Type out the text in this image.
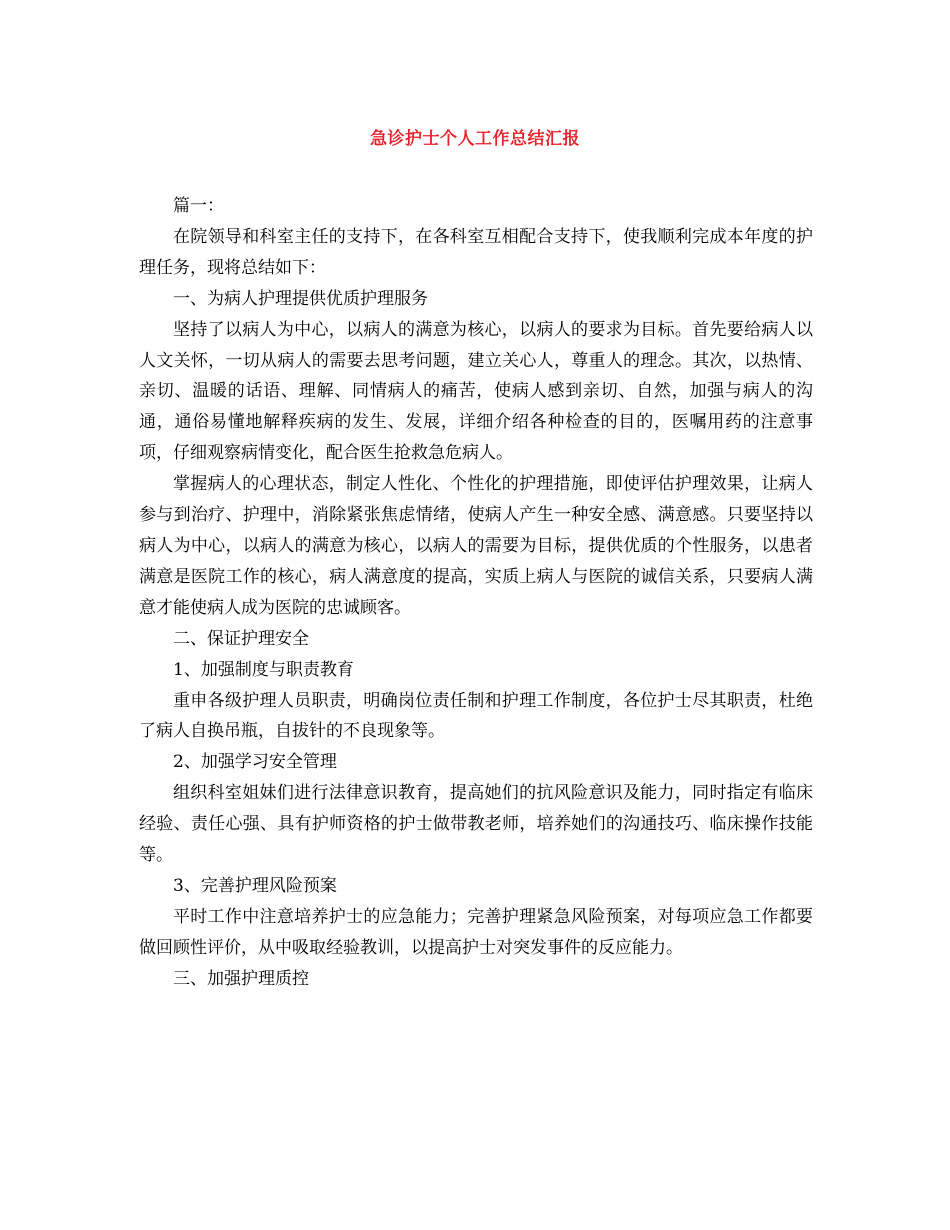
急诊护士个人工作总结汇报

篇一：

在院领导和科室主任的支持下，在各科室互相配合支持下，使我顺利完成本年度的护理任务，现将总结如下：

一、为病人护理提供优质护理服务

坚持了以病人为中心，以病人的满意为核心，以病人的要求为目标。首先要给病人以人文关怀，一切从病人的需要去思考问题，建立关心人，尊重人的理念。其次，以热情、亲切、温暖的话语、理解、同情病人的痛苦，使病人感到亲切、自然，加强与病人的沟通，通俗易懂地解释疾病的发生、发展，详细介绍各种检查的目的，医嘱用药的注意事项，仔细观察病情变化，配合医生抢救急危病人。

掌握病人的心理状态，制定人性化、个性化的护理措施，即使评估护理效果，让病人参与到治疗、护理中，消除紧张焦虑情绪，使病人产生一种安全感、满意感。只要坚持以病人为中心，以病人的满意为核心，以病人的需要为目标，提供优质的个性服务，以患者满意是医院工作的核心，病人满意度的提高，实质上病人与医院的诚信关系，只要病人满意才能使病人成为医院的忠诚顾客。

二、保证护理安全

1、加强制度与职责教育

重申各级护理人员职责，明确岗位责任制和护理工作制度，各位护士尽其职责，杜绝了病人自换吊瓶，自拔针的不良现象等。

2、加强学习安全管理

组织科室姐妹们进行法律意识教育，提高她们的抗风险意识及能力，同时指定有临床经验、责任心强、具有护师资格的护士做带教老师，培养她们的沟通技巧、临床操作技能等。

3、完善护理风险预案

平时工作中注意培养护士的应急能力；完善护理紧急风险预案，对每项应急工作都要做回顾性评价，从中吸取经验教训，以提高护士对突发事件的反应能力。

三、加强护理质控
